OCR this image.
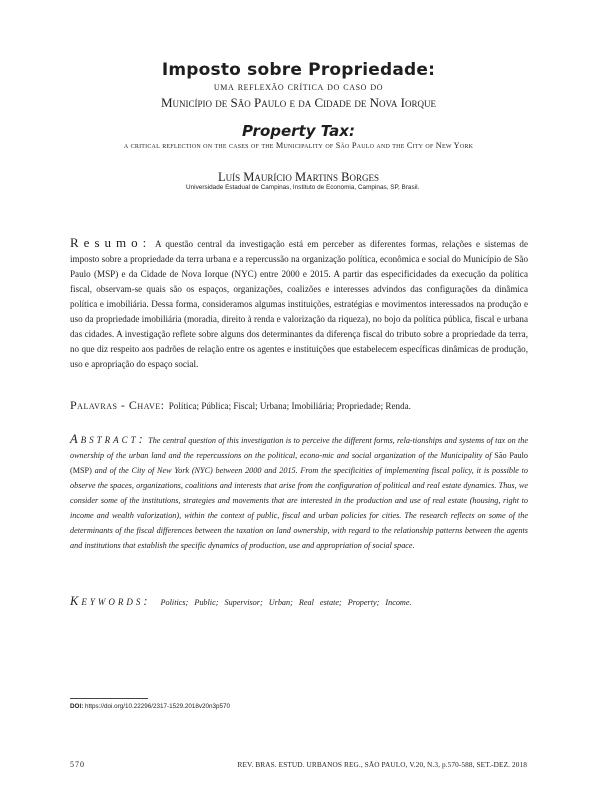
Imposto sobre Propriedade:
uma reflexão crítica do caso do
Município de São Paulo e da Cidade de Nova Iorque
Property Tax:
a critical reflection on the cases of the Municipality of São Paulo and the City of New York
Luís Maurício Martins Borges
Universidade Estadual de Campinas, Instituto de Economia, Campinas, SP, Brasil.
Resumo: A questão central da investigação está em perceber as diferentes formas, relações e sistemas de imposto sobre a propriedade da terra urbana e a repercussão na organização política, econômica e social do Município de São Paulo (MSP) e da Cidade de Nova Iorque (NYC) entre 2000 e 2015. A partir das especificidades da execução da política fiscal, observam-se quais são os espaços, organizações, coalizões e interesses advindos das configurações da dinâmica política e imobiliária. Dessa forma, consideramos algumas instituições, estratégias e movimentos interessados na produção e uso da propriedade imobiliária (moradia, direito à renda e valorização da riqueza), no bojo da política pública, fiscal e urbana das cidades. A investigação reflete sobre alguns dos determinantes da diferença fiscal do tributo sobre a propriedade da terra, no que diz respeito aos padrões de relação entre os agentes e instituições que estabelecem específicas dinâmicas de produção, uso e apropriação do espaço social.
Palavras - Chave: Política; Pública; Fiscal; Urbana; Imobiliária; Propriedade; Renda.
Abstract: The central question of this investigation is to perceive the different forms, rela-tionships and systems of tax on the ownership of the urban land and the repercussions on the political, econo-mic and social organization of the Municipality of São Paulo (MSP) and of the City of New York (NYC) between 2000 and 2015. From the specificities of implementing fiscal policy, it is possible to observe the spaces, organizations, coalitions and interests that arise from the configuration of political and real estate dynamics. Thus, we consider some of the institutions, strategies and movements that are interested in the production and use of real estate (housing, right to income and wealth valorization), within the context of public, fiscal and urban policies for cities. The research reflects on some of the determinants of the fiscal differences between the taxation on land ownership, with regard to the relationship patterns between the agents and institutions that establish the specific dynamics of production, use and appropriation of social space.
Keywords: Politics; Public; Supervisor; Urban; Real estate; Property; Income.
DOI: https://doi.org/10.22296/2317-1529.2018v20n3p570
570	REV. BRAS. ESTUD. URBANOS REG., SÃO PAULO, V.20, N.3, p.570-588, SET.-DEZ. 2018
